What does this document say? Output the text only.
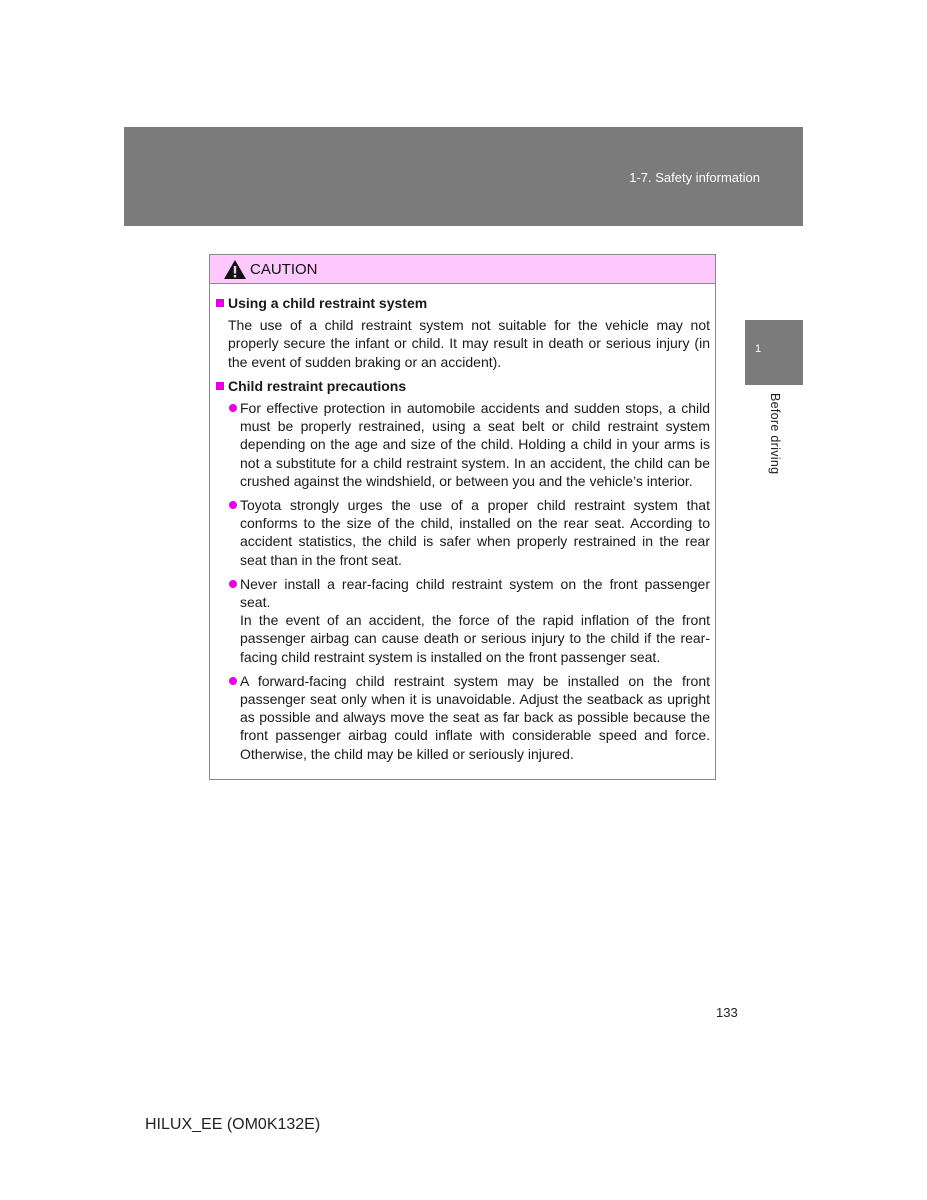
1-7. Safety information
1
Before driving
CAUTION
Using a child restraint system

The use of a child restraint system not suitable for the vehicle may not properly secure the infant or child. It may result in death or serious injury (in the event of sudden braking or an accident).

Child restraint precautions

For effective protection in automobile accidents and sudden stops, a child must be properly restrained, using a seat belt or child restraint system depending on the age and size of the child. Holding a child in your arms is not a substitute for a child restraint system. In an accident, the child can be crushed against the windshield, or between you and the vehicle’s interior.

Toyota strongly urges the use of a proper child restraint system that conforms to the size of the child, installed on the rear seat. According to accident statistics, the child is safer when properly restrained in the rear seat than in the front seat.

Never install a rear-facing child restraint system on the front passenger seat.

In the event of an accident, the force of the rapid inflation of the front passenger airbag can cause death or serious injury to the child if the rear-facing child restraint system is installed on the front passenger seat.

A forward-facing child restraint system may be installed on the front passenger seat only when it is unavoidable. Adjust the seatback as upright as possible and always move the seat as far back as possible because the front passenger airbag could inflate with considerable speed and force. Otherwise, the child may be killed or seriously injured.

133
HILUX_EE (OM0K132E)
